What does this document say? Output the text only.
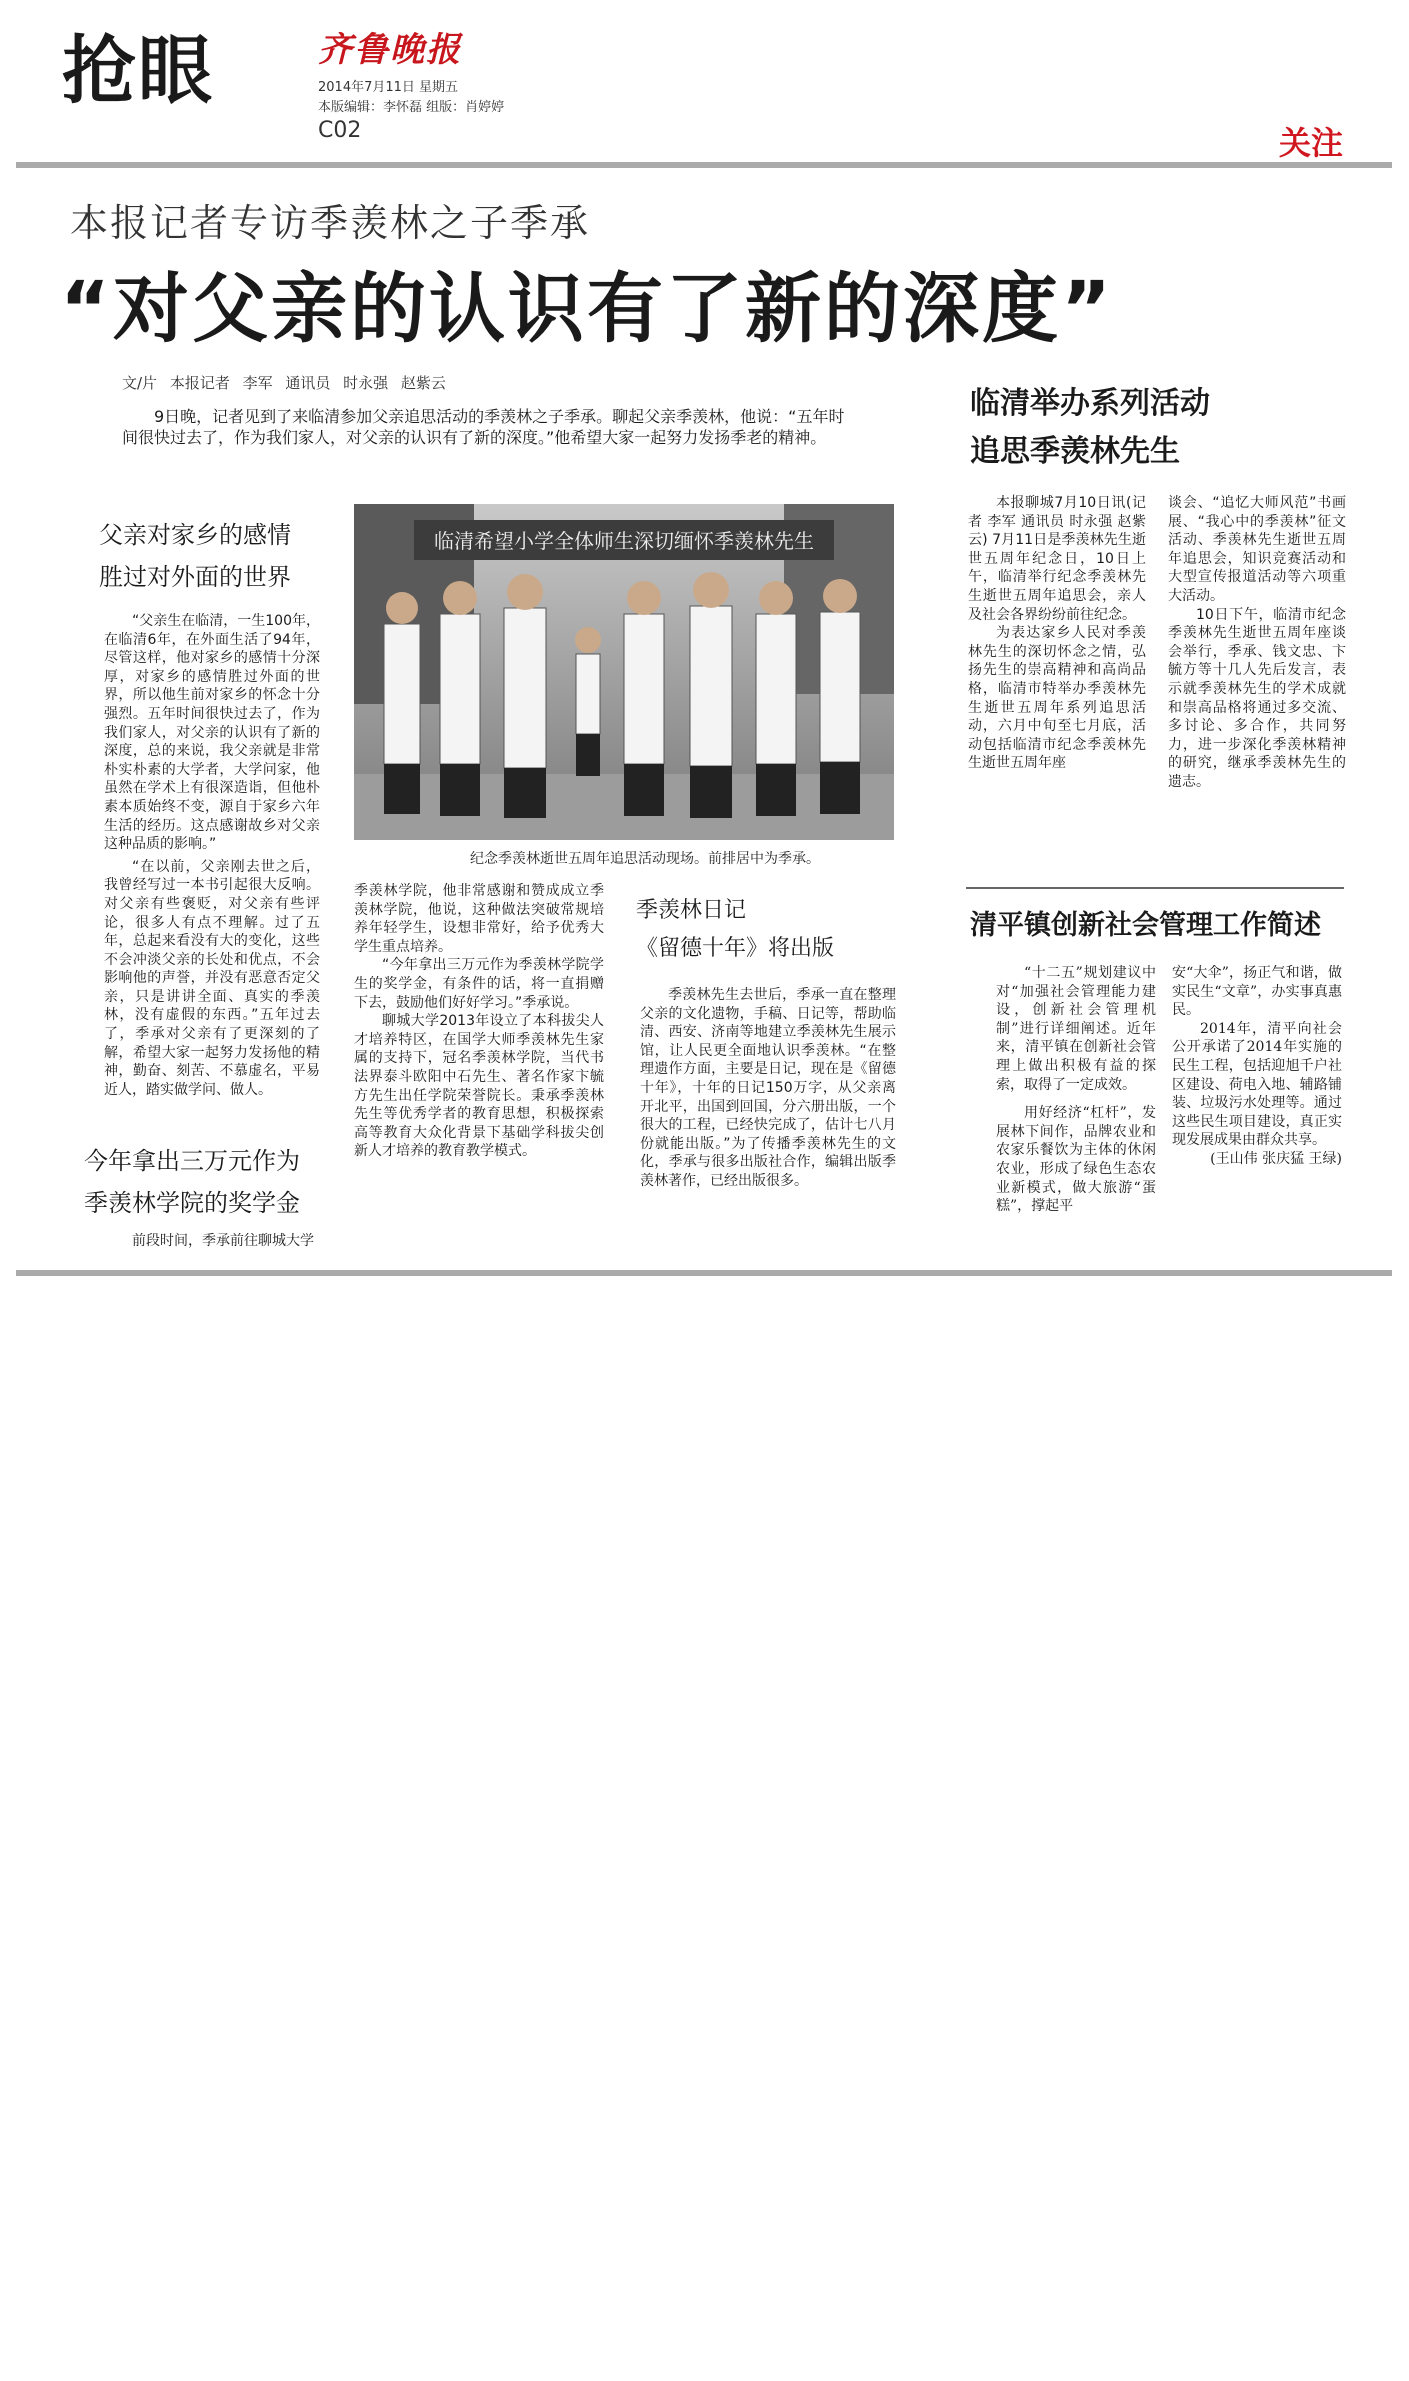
抢眼	齐鲁晚报
2014年7月11日 星期五
本版编辑：李怀磊 组版：肖婷婷
C02	关注
本报记者专访季羡林之子季承
“对父亲的认识有了新的深度”
文/片 本报记者 李军 通讯员 时永强 赵紫云
9日晚，记者见到了来临清参加父亲追思活动的季羡林之子季承。聊起父亲季羡林，他说：“五年时间很快过去了，作为我们家人，对父亲的认识有了新的深度。”他希望大家一起努力发扬季老的精神。
父亲对家乡的感情
胜过对外面的世界

“父亲生在临清，一生100年，在临清6年，在外面生活了94年，尽管这样，他对家乡的感情十分深厚，对家乡的感情胜过外面的世界，所以他生前对家乡的怀念十分强烈。五年时间很快过去了，作为我们家人，对父亲的认识有了新的深度，总的来说，我父亲就是非常朴实朴素的大学者，大学问家，他虽然在学术上有很深造诣，但他朴素本质始终不变，源自于家乡六年生活的经历。这点感谢故乡对父亲这种品质的影响。”

“在以前，父亲刚去世之后，我曾经写过一本书引起很大反响。对父亲有些褒贬，对父亲有些评论，很多人有点不理解。过了五年，总起来看没有大的变化，这些不会冲淡父亲的长处和优点，不会影响他的声誉，并没有恶意否定父亲，只是讲讲全面、真实的季羡林，没有虚假的东西。”五年过去了，季承对父亲有了更深刻的了解，希望大家一起努力发扬他的精神，勤奋、刻苦、不慕虚名，平易近人，踏实做学问、做人。

今年拿出三万元作为
季羡林学院的奖学金

前段时间，季承前往聊城大学

临清希望小学全体师生深切缅怀季羡林先生
纪念季羡林逝世五周年追思活动现场。前排居中为季承。

季羡林学院，他非常感谢和赞成成立季羡林学院，他说，这种做法突破常规培养年轻学生，设想非常好，给予优秀大学生重点培养。

“今年拿出三万元作为季羡林学院学生的奖学金，有条件的话，将一直捐赠下去，鼓励他们好好学习。”季承说。

聊城大学2013年设立了本科拔尖人才培养特区，在国学大师季羡林先生家属的支持下，冠名季羡林学院，当代书法界泰斗欧阳中石先生、著名作家卞毓方先生出任学院荣誉院长。秉承季羡林先生等优秀学者的教育思想，积极探索高等教育大众化背景下基础学科拔尖创新人才培养的教育教学模式。

季羡林日记
《留德十年》将出版

季羡林先生去世后，季承一直在整理父亲的文化遗物，手稿、日记等，帮助临清、西安、济南等地建立季羡林先生展示馆，让人民更全面地认识季羡林。“在整理遗作方面，主要是日记，现在是《留德十年》，十年的日记150万字，从父亲离开北平，出国到回国，分六册出版，一个很大的工程，已经快完成了，估计七八月份就能出版。”为了传播季羡林先生的文化，季承与很多出版社合作，编辑出版季羡林著作，已经出版很多。

临清举办系列活动
追思季羡林先生

本报聊城7月10日讯(记者 李军 通讯员 时永强 赵紫云) 7月11日是季羡林先生逝世五周年纪念日，10日上午，临清举行纪念季羡林先生逝世五周年追思会，亲人及社会各界纷纷前往纪念。

为表达家乡人民对季羡林先生的深切怀念之情，弘扬先生的崇高精神和高尚品格，临清市特举办季羡林先生逝世五周年系列追思活动，六月中旬至七月底，活动包括临清市纪念季羡林先生逝世五周年座

谈会、“追忆大师风范”书画展、“我心中的季羡林”征文活动、季羡林先生逝世五周年追思会，知识竞赛活动和大型宣传报道活动等六项重大活动。

10日下午，临清市纪念季羡林先生逝世五周年座谈会举行，季承、钱文忠、卞毓方等十几人先后发言，表示就季羡林先生的学术成就和崇高品格将通过多交流、多讨论、多合作，共同努力，进一步深化季羡林精神的研究，继承季羡林先生的遗志。

清平镇创新社会管理工作简述

“十二五”规划建议中对“加强社会管理能力建设，创新社会管理机制”进行详细阐述。近年来，清平镇在创新社会管理上做出积极有益的探索，取得了一定成效。

用好经济“杠杆”，发展林下间作，品牌农业和农家乐餐饮为主体的休闲农业，形成了绿色生态农业新模式，做大旅游“蛋糕”，撑起平

安“大伞”，扬正气和谐，做实民生“文章”，办实事真惠民。

2014年，清平向社会公开承诺了2014年实施的民生工程，包括迎旭千户社区建设、荷电入地、辅路铺装、垃圾污水处理等。通过这些民生项目建设，真正实现发展成果由群众共享。

(王山伟 张庆猛 王绿)
